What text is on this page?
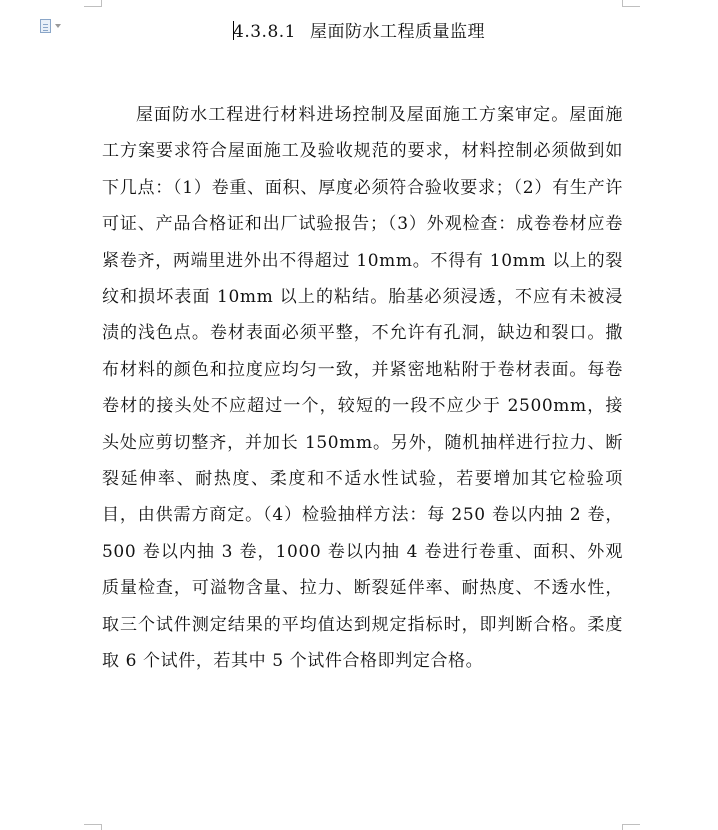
4.3.8.1 屋面防水工程质量监理

屋面防水工程进行材料进场控制及屋面施工方案审定。屋面施工方案要求符合屋面施工及验收规范的要求，材料控制必须做到如下几点：（1）卷重、面积、厚度必须符合验收要求；（2）有生产许可证、产品合格证和出厂试验报告；（3）外观检查：成卷卷材应卷紧卷齐，两端里进外出不得超过 10mm。不得有 10mm 以上的裂纹和损坏表面 10mm 以上的粘结。胎基必须浸透，不应有未被浸渍的浅色点。卷材表面必须平整，不允许有孔洞，缺边和裂口。撒布材料的颜色和拉度应均匀一致，并紧密地粘附于卷材表面。每卷卷材的接头处不应超过一个，较短的一段不应少于 2500mm，接头处应剪切整齐，并加长 150mm。另外，随机抽样进行拉力、断裂延伸率、耐热度、柔度和不适水性试验，若要增加其它检验项目，由供需方商定。（4）检验抽样方法：每 250 卷以内抽 2 卷，500 卷以内抽 3 卷，1000 卷以内抽 4 卷进行卷重、面积、外观质量检查，可溢物含量、拉力、断裂延伴率、耐热度、不透水性，取三个试件测定结果的平均值达到规定指标时，即判断合格。柔度取 6 个试件，若其中 5 个试件合格即判定合格。
